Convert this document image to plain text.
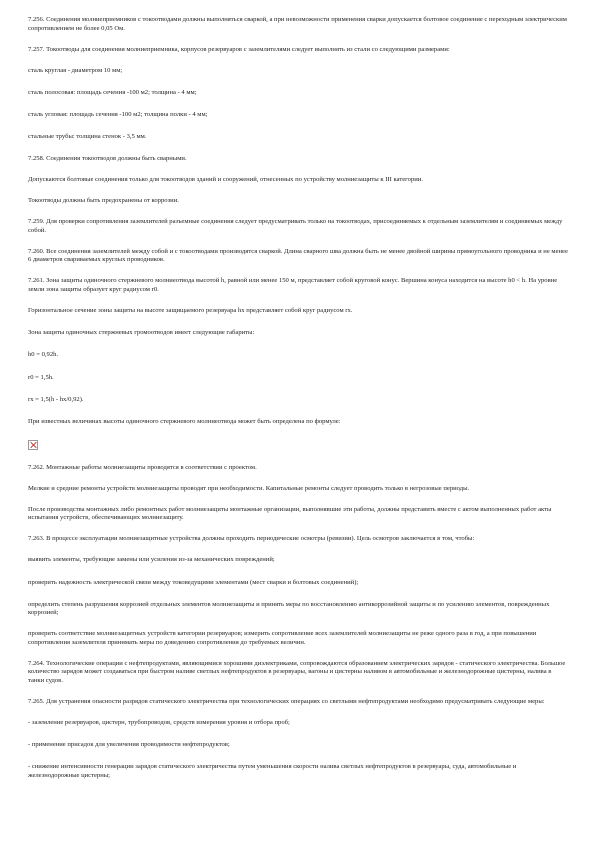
7.256. Соединения молниеприемников с токоотводами должны выполняться сваркой, а при невозможности применения сварки допускается болтовое соединение с переходным электрическим сопротивлением не более 0,05 Ом.

7.257. Токоотводы для соединения молниеприемника, корпусов резервуаров с заземлителями следует выполнять из стали со следующими размерами:

сталь круглая - диаметром 10 мм;

сталь полосовая: площадь сечения -100 м2; толщина - 4 мм;

сталь угловая: площадь сечения -100 м2; толщина полки - 4 мм;

стальные трубы: толщина стенок - 3,5 мм.

7.258. Соединения токоотводов должны быть сварными.

Допускаются болтовые соединения только для токоотводов зданий и сооружений, отнесенных по устройству молниезащиты к III категории.

Токоотводы должны быть предохранены от коррозии.

7.259. Для проверки сопротивления заземлителей разъемные соединения следует предусматривать только на токоотводах, присоединяемых к отдельным заземлителям и соединяемых между собой.

7.260. Все соединения заземлителей между собой и с токоотводами производятся сваркой. Длина сварного шва должна быть не менее двойной ширины прямоугольного проводника и не менее 6 диаметров свариваемых круглых проводников.

7.261. Зона защиты одиночного стержневого молниеотвода высотой h, равной или менее 150 м, представляет собой круговой конус. Вершина конуса находится на высоте h0 < h. На уровне земли зона защиты образует круг радиусом r0.

Горизонтальное сечение зоны защиты на высоте защищаемого резервуара hx представляет собой круг радиусом rx.

Зона защиты одиночных стержневых громоотводов имеет следующие габариты:

h0 = 0,92h.

r0 = 1,5h.

rx = 1,5(h - hx/0,92).

При известных величинах высоты одиночного стержневого молниеотвода может быть определена по формуле:

7.262. Монтажные работы молниезащиты проводятся в соответствии с проектом.

Мелкие и средние ремонты устройств молниезащиты проводят при необходимости. Капитальные ремонты следует проводить только в негрозовые периоды.

После производства монтажных либо ремонтных работ молниезащиты монтажные организации, выполнявшие эти работы, должны представить вместе с актом выполненных работ акты испытания устройств, обеспечивающих молниезащиту.

7.263. В процессе эксплуатации молниезащитные устройства должны проходить периодические осмотры (ревизии). Цель осмотров заключается в том, чтобы:

выявить элементы, требующие замены или усиления из-за механических повреждений;

проверить надежность электрической связи между токоведущими элементами (мест сварки и болтовых соединений);

определить степень разрушения коррозией отдельных элементов молниезащиты и принять меры по восстановлению антикоррозийной защиты и по усилению элементов, поврежденных коррозией;

проверить соответствие молниезащитных устройств категории резервуаров; измерить сопротивление всех заземлителей молниезащиты не реже одного раза в год, а при повышении сопротивления заземлителя принимать меры по доведению сопротивления до требуемых величин.

7.264. Технологические операции с нефтепродуктами, являющимися хорошими диэлектриками, сопровождаются образованием электрических зарядов - статического электричества. Большое количество зарядов может создаваться при быстром наливе светлых нефтепродуктов в резервуары, вагоны и цистерны наливом в автомобильные и железнодорожные цистерны, налива в танки судов.

7.265. Для устранения опасности разрядов статического электричества при технологических операциях со светлыми нефтепродуктами необходимо предусматривать следующие меры:

- заземление резервуаров, цистерн, трубопроводов, средств измерения уровня и отбора проб;

- применение присадок для увеличения проводимости нефтепродуктов;

- снижение интенсивности генерации зарядов статического электричества путем уменьшения скорости налива светлых нефтепродуктов в резервуары, суда, автомобильные и железнодорожные цистерны;
